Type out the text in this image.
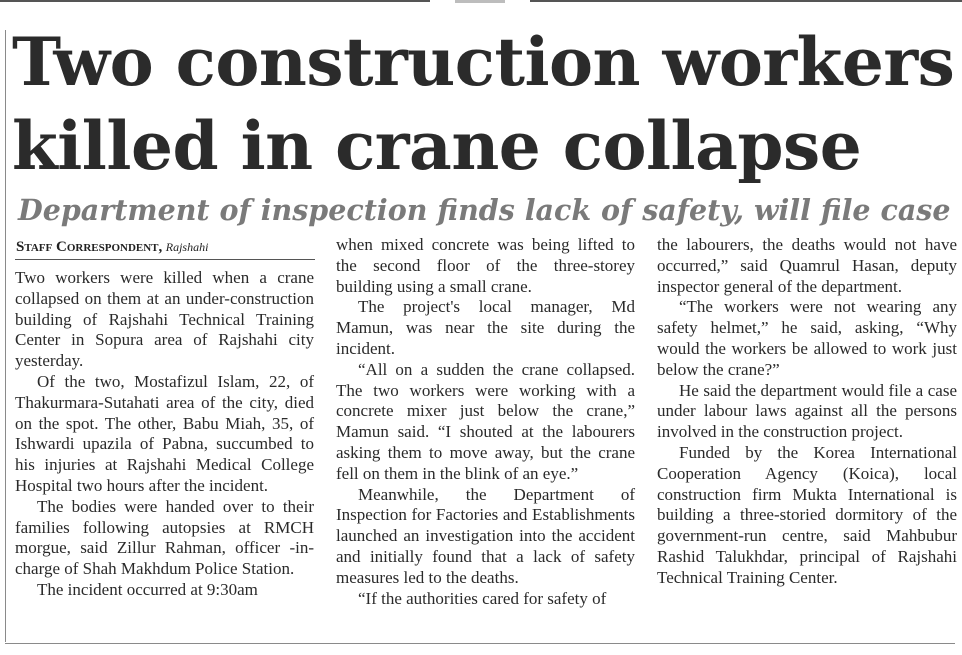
Two construction workers killed in crane collapse
Department of inspection finds lack of safety, will file case
Staff Correspondent, Rajshahi

Two workers were killed when a crane collapsed on them at an under-construction building of Rajshahi Technical Training Center in Sopura area of Rajshahi city yesterday.

Of the two, Mostafizul Islam, 22, of Thakurmara-Sutahati area of the city, died on the spot. The other, Babu Miah, 35, of Ishwardi upazila of Pabna, succumbed to his injuries at Rajshahi Medical College Hospital two hours after the incident.

The bodies were handed over to their families following autopsies at RMCH morgue, said Zillur Rahman, officer -in-charge of Shah Makhdum Police Station.

The incident occurred at 9:30am

when mixed concrete was being lifted to the second floor of the three-storey building using a small crane.

The project's local manager, Md Mamun, was near the site during the incident.

“All on a sudden the crane collapsed. The two workers were working with a concrete mixer just below the crane,” Mamun said. “I shouted at the labourers asking them to move away, but the crane fell on them in the blink of an eye.”

Meanwhile, the Department of Inspection for Factories and Establishments launched an investigation into the accident and initially found that a lack of safety measures led to the deaths.

“If the authorities cared for safety of

the labourers, the deaths would not have occurred,” said Quamrul Hasan, deputy inspector general of the department.

“The workers were not wearing any safety helmet,” he said, asking, “Why would the workers be allowed to work just below the crane?”

He said the department would file a case under labour laws against all the persons involved in the construction project.

Funded by the Korea International Cooperation Agency (Koica), local construction firm Mukta International is building a three-storied dormitory of the government-run centre, said Mahbubur Rashid Talukhdar, principal of Rajshahi Technical Training Center.
